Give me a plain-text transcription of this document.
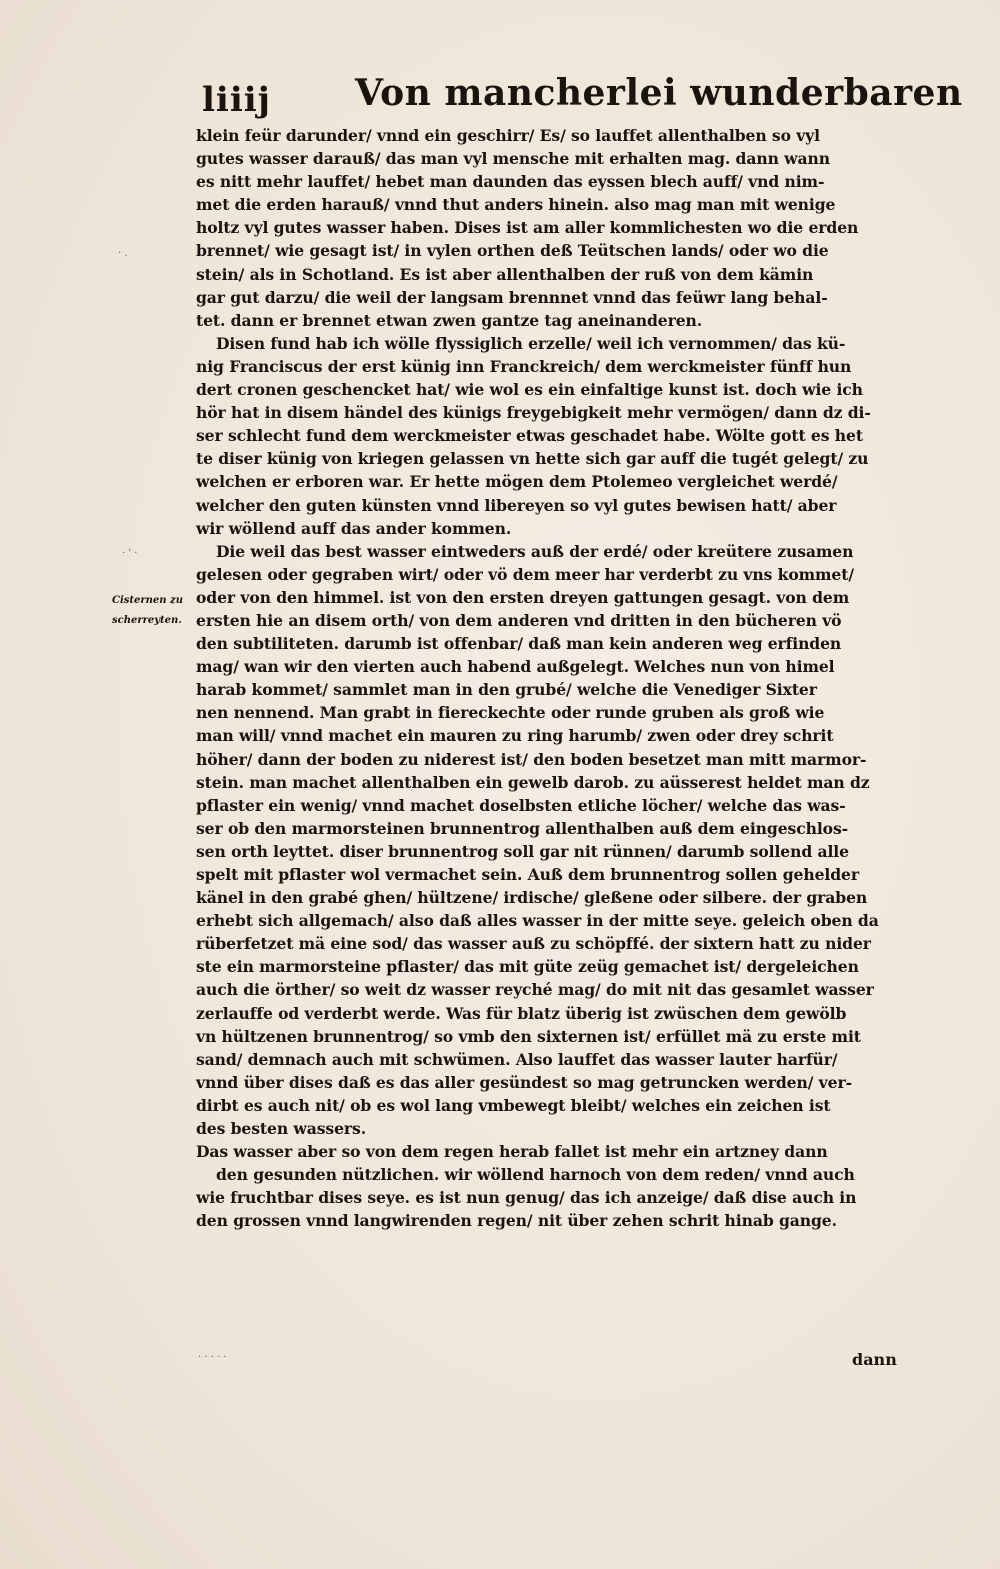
liiij Von mancherlei wunderbaren
Cisternen zu
scherreyten.
klein feür darunder/ vnnd ein geschirr/ Es/ so lauffet allenthalben so vyl
gutes wasser darauß/ das man vyl mensche mit erhalten mag. dann wann
es nitt mehr lauffet/ hebet man daunden das eyssen blech auff/ vnd nim-
met die erden harauß/ vnnd thut anders hinein. also mag man mit wenige
holtz vyl gutes wasser haben. Dises ist am aller kommlichesten wo die erden
brennet/ wie gesagt ist/ in vylen orthen deß Teütschen lands/ oder wo die
stein/ als in Schotland. Es ist aber allenthalben der ruß von dem kämin
gar gut darzu/ die weil der langsam brennnet vnnd das feüwr lang behal-
tet. dann er brennet etwan zwen gantze tag aneinanderen.
Disen fund hab ich wölle flyssiglich erzelle/ weil ich vernommen/ das kü-
nig Franciscus der erst künig inn Franckreich/ dem werckmeister fünff hun
dert cronen geschencket hat/ wie wol es ein einfaltige kunst ist. doch wie ich
hör hat in disem händel des künigs freygebigkeit mehr vermögen/ dann dz di-
ser schlecht fund dem werckmeister etwas geschadet habe. Wölte gott es het
te diser künig von kriegen gelassen vn hette sich gar auff die tugét gelegt/ zu
welchen er erboren war. Er hette mögen dem Ptolemeo vergleichet werdé/
welcher den guten künsten vnnd libereyen so vyl gutes bewisen hatt/ aber
wir wöllend auff das ander kommen.
Die weil das best wasser eintweders auß der erdé/ oder kreütere zusamen
gelesen oder gegraben wirt/ oder vö dem meer har verderbt zu vns kommet/
oder von den himmel. ist von den ersten dreyen gattungen gesagt. von dem
ersten hie an disem orth/ von dem anderen vnd dritten in den bücheren vö
den subtiliteten. darumb ist offenbar/ daß man kein anderen weg erfinden
mag/ wan wir den vierten auch habend außgelegt. Welches nun von himel
harab kommet/ sammlet man in den grubé/ welche die Venediger Sixter
nen nennend. Man grabt in fiereckechte oder runde gruben als groß wie
man will/ vnnd machet ein mauren zu ring harumb/ zwen oder drey schrit
höher/ dann der boden zu niderest ist/ den boden besetzet man mitt marmor-
stein. man machet allenthalben ein gewelb darob. zu aüsserest heldet man dz
pflaster ein wenig/ vnnd machet doselbsten etliche löcher/ welche das was-
ser ob den marmorsteinen brunnentrog allenthalben auß dem eingeschlos-
sen orth leyttet. diser brunnentrog soll gar nit rünnen/ darumb sollend alle
spelt mit pflaster wol vermachet sein. Auß dem brunnentrog sollen gehelder
känel in den grabé ghen/ hültzene/ irdische/ gleßene oder silbere. der graben
erhebt sich allgemach/ also daß alles wasser in der mitte seye. geleich oben da
rüberfetzet mä eine sod/ das wasser auß zu schöpffé. der sixtern hatt zu nider
ste ein marmorsteine pflaster/ das mit güte zeüg gemachet ist/ dergeleichen
auch die örther/ so weit dz wasser reyché mag/ do mit nit das gesamlet wasser
zerlauffe od verderbt werde. Was für blatz überig ist zwüschen dem gewölb
vn hültzenen brunnentrog/ so vmb den sixternen ist/ erfüllet mä zu erste mit
sand/ demnach auch mit schwümen. Also lauffet das wasser lauter harfür/
vnnd über dises daß es das aller gesündest so mag getruncken werden/ ver-
dirbt es auch nit/ ob es wol lang vmbewegt bleibt/ welches ein zeichen ist
des besten wassers.
Das wasser aber so von dem regen herab fallet ist mehr ein artzney dann
den gesunden nützlichen. wir wöllend harnoch von dem reden/ vnnd auch
wie fruchtbar dises seye. es ist nun genug/ das ich anzeige/ daß dise auch in
den grossen vnnd langwirenden regen/ nit über zehen schrit hinab gange.
dann
· .
· ' ·
· · · · ·
